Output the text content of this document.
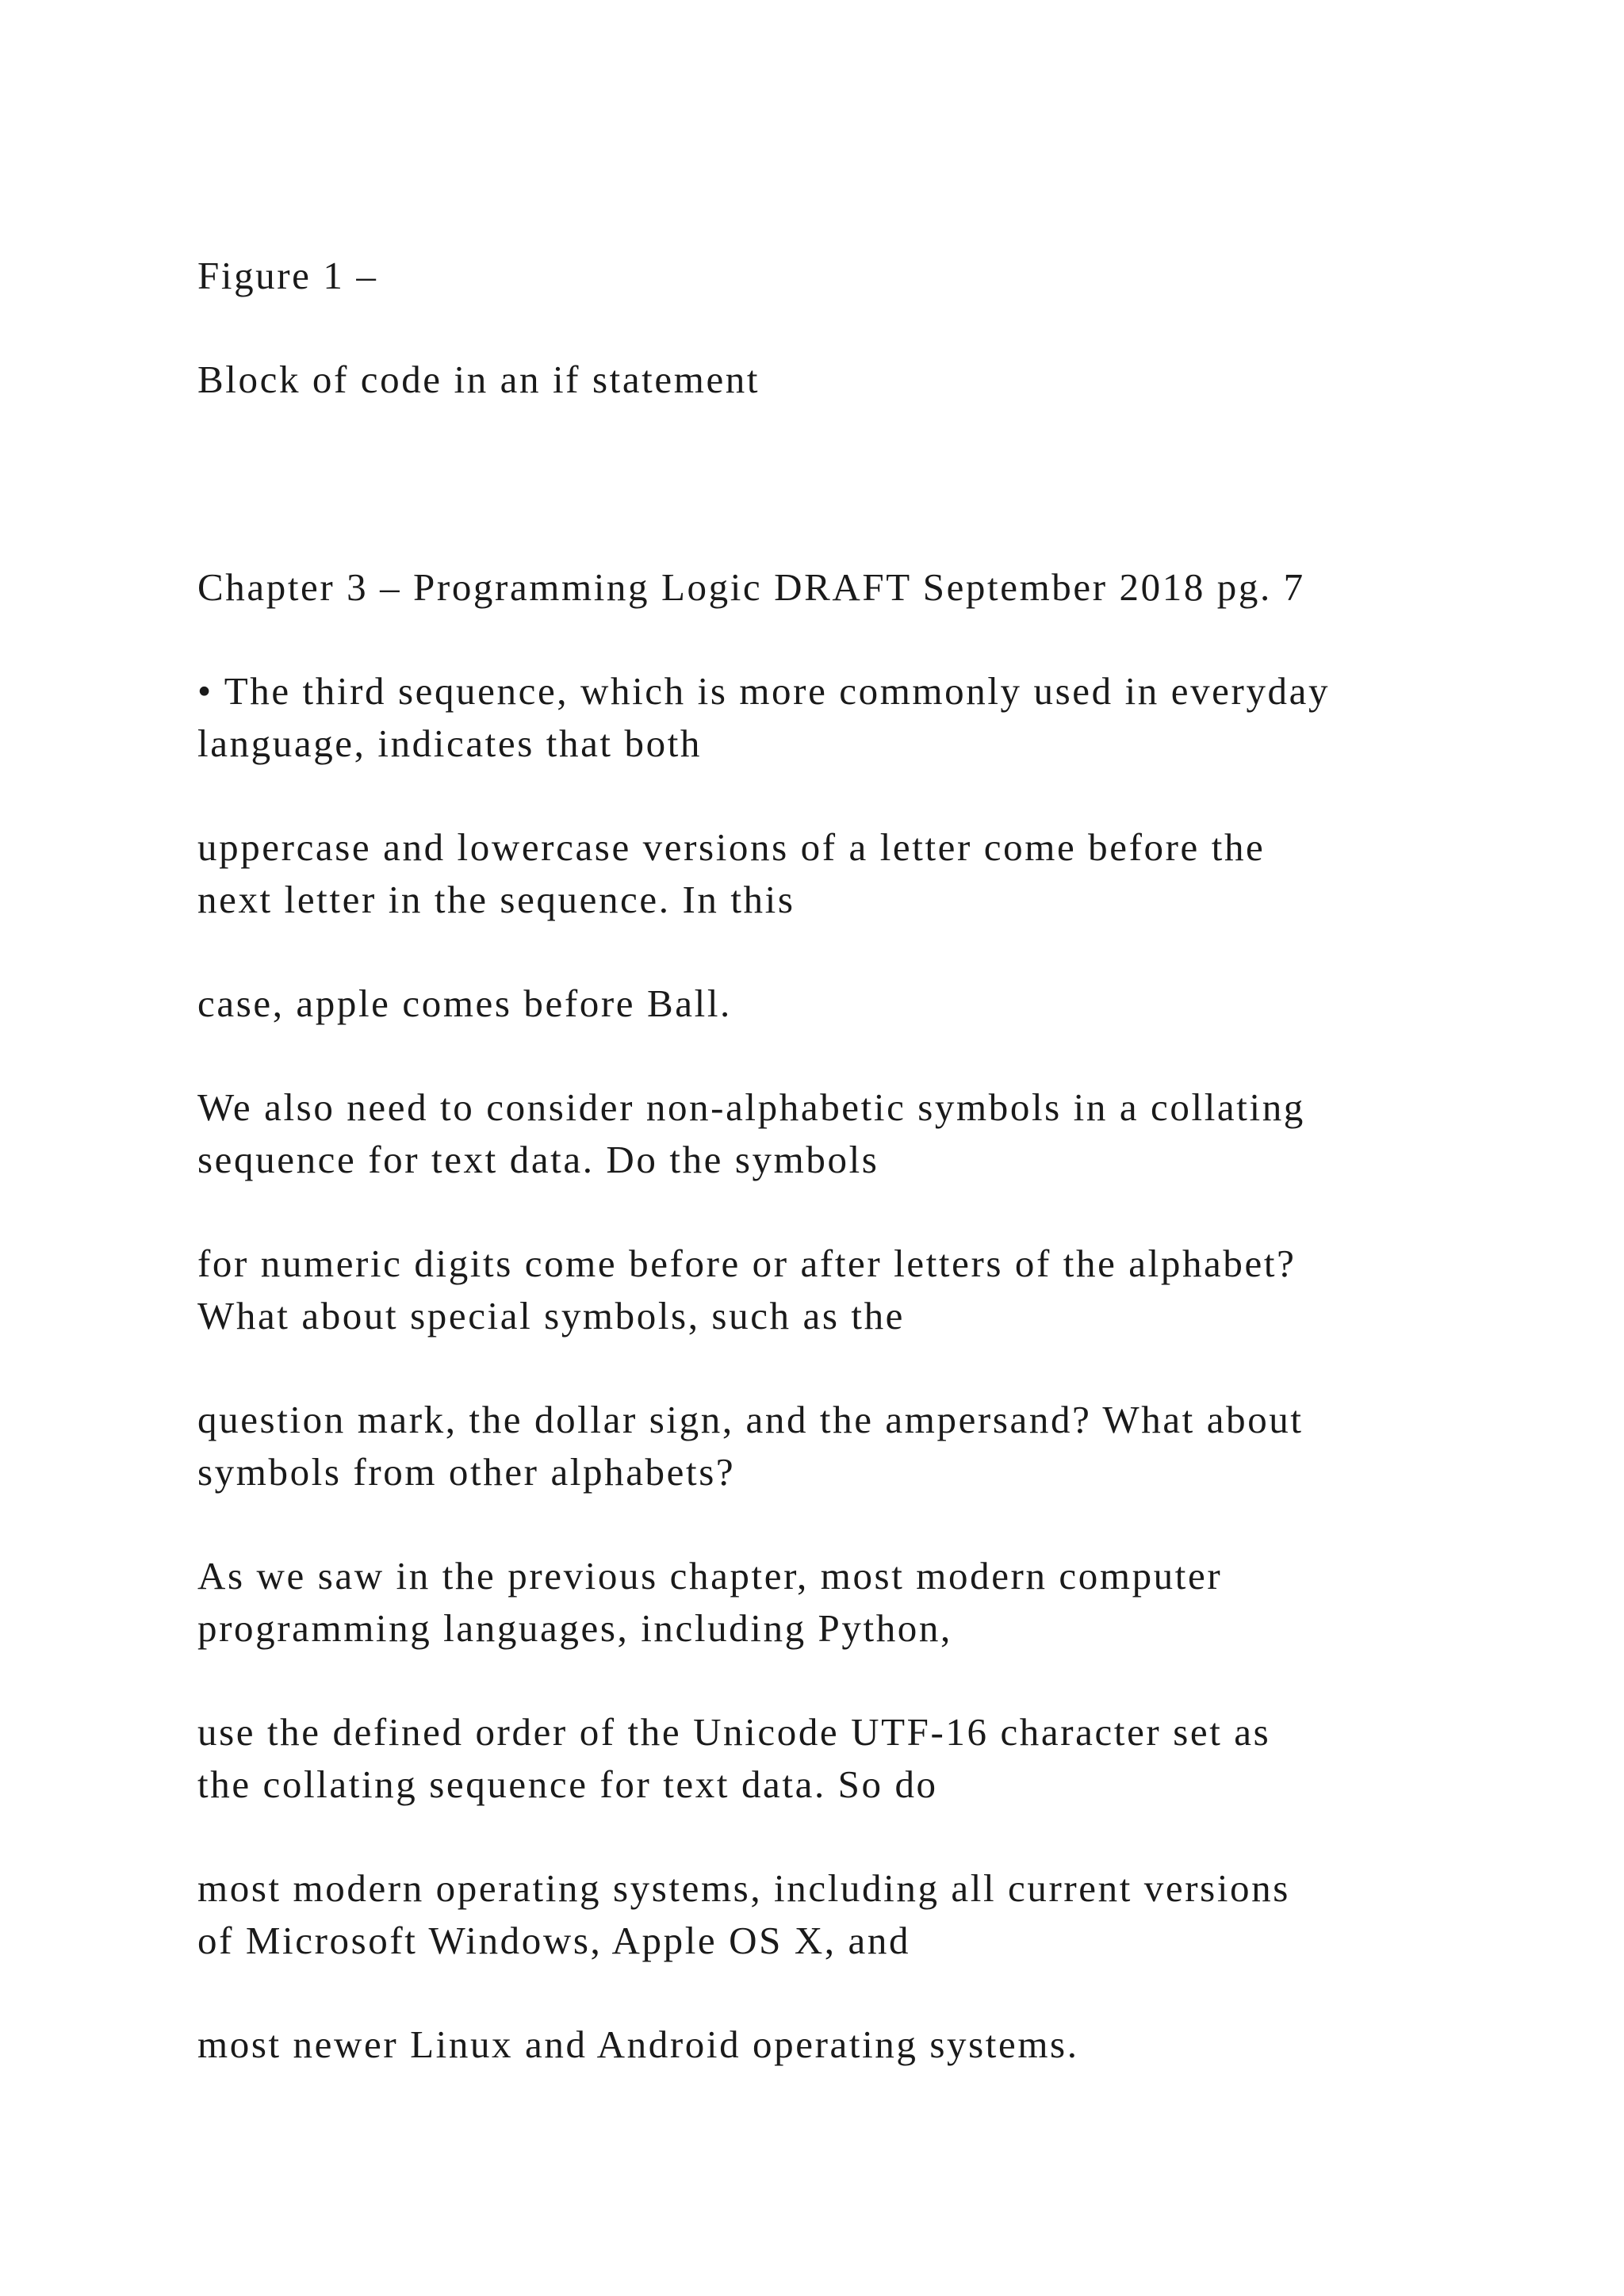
Figure 1 –

Block of code in an if statement

Chapter 3 – Programming Logic DRAFT September 2018 pg. 7

• The third sequence, which is more commonly used in everyday
language, indicates that both

uppercase and lowercase versions of a letter come before the
next letter in the sequence. In this

case, apple comes before Ball.

We also need to consider non-alphabetic symbols in a collating
sequence for text data. Do the symbols

for numeric digits come before or after letters of the alphabet?
What about special symbols, such as the

question mark, the dollar sign, and the ampersand? What about
symbols from other alphabets?

As we saw in the previous chapter, most modern computer
programming languages, including Python,

use the defined order of the Unicode UTF-16 character set as
the collating sequence for text data. So do

most modern operating systems, including all current versions
of Microsoft Windows, Apple OS X, and

most newer Linux and Android operating systems.
